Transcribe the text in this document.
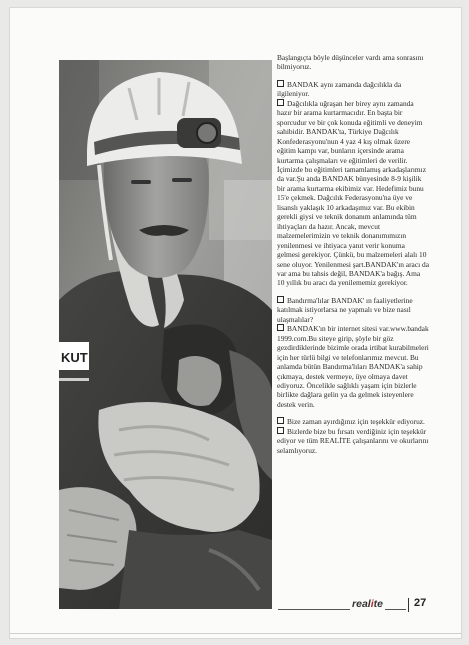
KUT

Başlangıçta böyle düşünceler vardı ama sonrasını bilmiyoruz.

BANDAK aynı zamanda dağcılıkla da ilgileniyor.

Dağcılıkla uğraşan her birey aynı zamanda hazır bir arama kurtarmacıdır. En başta bir sporcudur ve bir çok konuda eğitimli ve deneyim sahibidir. BANDAK'ta, Türkiye Dağcılık Konfederasyonu'nun 4 yaz 4 kış olmak üzere eğitim kampı var, bunların içersinde arama kurtarma çalışmaları ve eğitimleri de verilir. İçimizde bu eğitimleri tamamlamış arkadaşlarımız da var.Şu anda BANDAK bünyesinde 8-9 kişilik bir arama kurtarma ekibimiz var. Hedefimiz bunu 15'e çekmek. Dağcılık Federasyonu'na üye ve lisanslı yaklaşık 10 arkadaşımız var. Bu ekibin gerekli giysi ve teknik donanım anlamında tüm ihtiyaçları da hazır. Ancak, mevcut malzemelerimizin ve teknik donanımımızın yenilenmesi ve ihtiyaca yanıt verir konuma gelmesi gerekiyor. Çünkü, bu malzemeleri alalı 10 sene oluyor. Yenilenmesi şart.BANDAK'ın aracı da var ama bu tahsis değil, BANDAK'a bağış. Ama 10 yıllık bu aracı da yenilememiz gerekiyor.

Bandırma'lılar BANDAK' ın faaliyetlerine katılmak istiyorlarsa ne yapmalı ve bize nasıl ulaşmalılar?

BANDAK'ın bir internet sitesi var.www.bandak 1999.com.Bu siteye girip, şöyle bir göz gezdirdiklerinde bizimle orada irtibat kurabilmeleri için her türlü bilgi ve telefonlarımız mevcut. Bu anlamda bütün Bandırma'lıları BANDAK'a sahip çıkmaya, destek vermeye, üye olmaya davet ediyoruz. Öncelikle sağlıklı yaşam için bizlerle birlikte dağlara gelin ya da gelmek isteyenlere destek verin.

Bize zaman ayırdığınız için teşekkür ediyoruz.

Bizlerde bize bu fırsatı verdiğiniz için teşekkür ediyor ve tüm REALİTE çalışanlarını ve okurlarını selamlıyoruz.

realite	27
